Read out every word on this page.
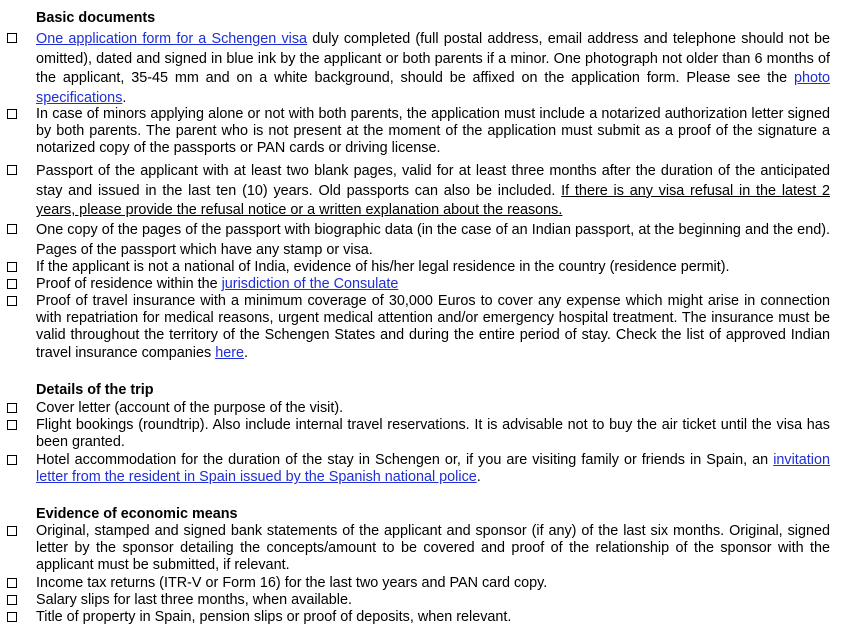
Basic documents
One application form for a Schengen visa duly completed (full postal address, email address and telephone should not be omitted), dated and signed in blue ink by the applicant or both parents if a minor. One photograph not older than 6 months of the applicant, 35-45 mm and on a white background, should be affixed on the application form. Please see the photo specifications.
In case of minors applying alone or not with both parents, the application must include a notarized authorization letter signed by both parents. The parent who is not present at the moment of the application must submit as a proof of the signature a notarized copy of the passports or PAN cards or driving license.
Passport of the applicant with at least two blank pages, valid for at least three months after the duration of the anticipated stay and issued in the last ten (10) years. Old passports can also be included. If there is any visa refusal in the latest 2 years, please provide the refusal notice or a written explanation about the reasons.
One copy of the pages of the passport with biographic data (in the case of an Indian passport, at the beginning and the end). Pages of the passport which have any stamp or visa.
If the applicant is not a national of India, evidence of his/her legal residence in the country (residence permit).
Proof of residence within the jurisdiction of the Consulate
Proof of travel insurance with a minimum coverage of 30,000 Euros to cover any expense which might arise in connection with repatriation for medical reasons, urgent medical attention and/or emergency hospital treatment. The insurance must be valid throughout the territory of the Schengen States and during the entire period of stay. Check the list of approved Indian travel insurance companies here.
Details of the trip
Cover letter (account of the purpose of the visit).
Flight bookings (roundtrip). Also include internal travel reservations. It is advisable not to buy the air ticket until the visa has been granted.
Hotel accommodation for the duration of the stay in Schengen or, if you are visiting family or friends in Spain, an invitation letter from the resident in Spain issued by the Spanish national police.
Evidence of economic means
Original, stamped and signed bank statements of the applicant and sponsor (if any) of the last six months. Original, signed letter by the sponsor detailing the concepts/amount to be covered and proof of the relationship of the sponsor with the applicant must be submitted, if relevant.
Income tax returns (ITR-V or Form 16) for the last two years and PAN card copy.
Salary slips for last three months, when available.
Title of property in Spain, pension slips or proof of deposits, when relevant.
